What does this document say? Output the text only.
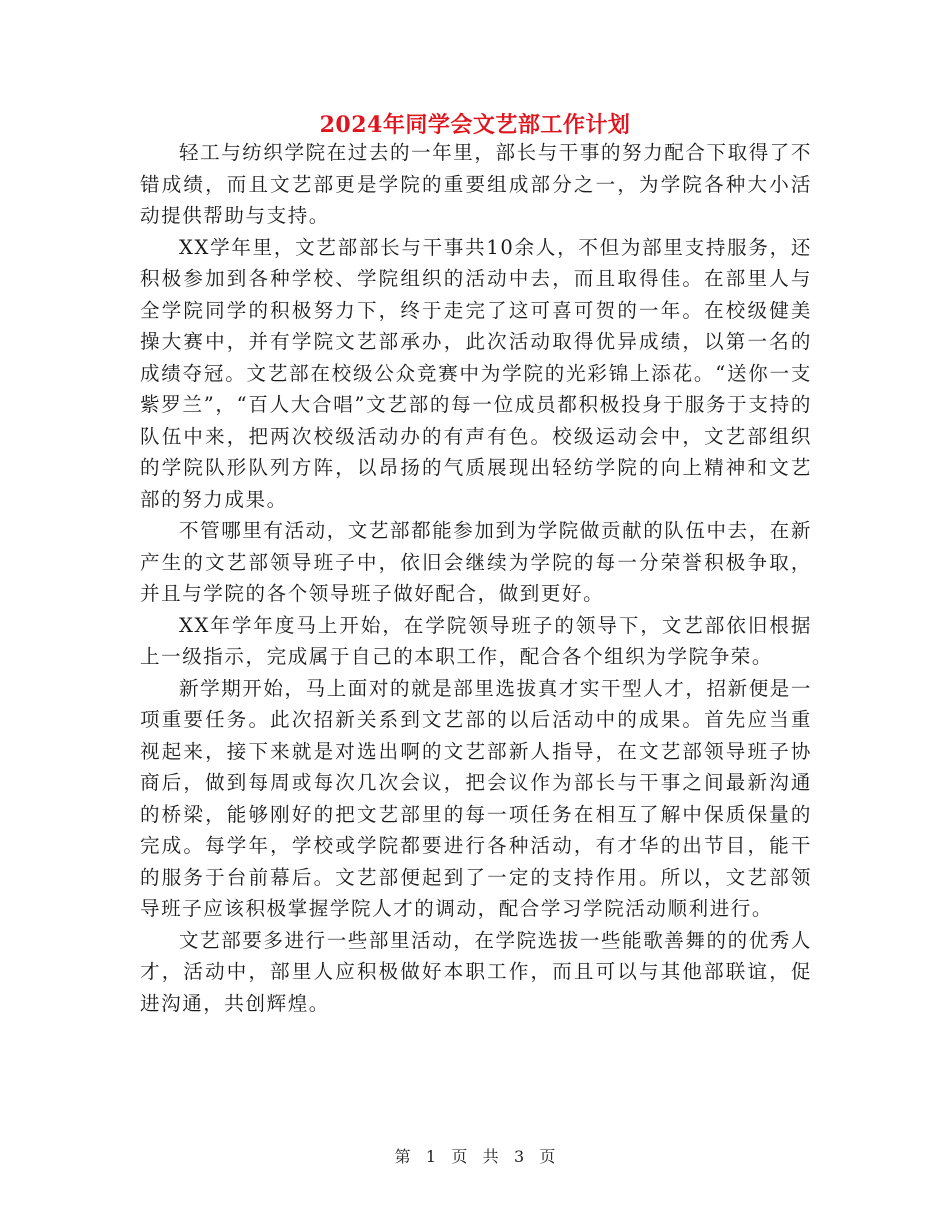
2024年同学会文艺部工作计划

轻工与纺织学院在过去的一年里，部长与干事的努力配合下取得了不错成绩，而且文艺部更是学院的重要组成部分之一，为学院各种大小活动提供帮助与支持。

XX学年里，文艺部部长与干事共10余人，不但为部里支持服务，还积极参加到各种学校、学院组织的活动中去，而且取得佳。在部里人与全学院同学的积极努力下，终于走完了这可喜可贺的一年。在校级健美操大赛中，并有学院文艺部承办，此次活动取得优异成绩，以第一名的成绩夺冠。文艺部在校级公众竞赛中为学院的光彩锦上添花。“送你一支紫罗兰”，“百人大合唱”文艺部的每一位成员都积极投身于服务于支持的队伍中来，把两次校级活动办的有声有色。校级运动会中，文艺部组织的学院队形队列方阵，以昂扬的气质展现出轻纺学院的向上精神和文艺部的努力成果。

不管哪里有活动，文艺部都能参加到为学院做贡献的队伍中去，在新产生的文艺部领导班子中，依旧会继续为学院的每一分荣誉积极争取，并且与学院的各个领导班子做好配合，做到更好。

XX年学年度马上开始，在学院领导班子的领导下，文艺部依旧根据上一级指示，完成属于自己的本职工作，配合各个组织为学院争荣。

新学期开始，马上面对的就是部里选拔真才实干型人才，招新便是一项重要任务。此次招新关系到文艺部的以后活动中的成果。首先应当重视起来，接下来就是对选出啊的文艺部新人指导，在文艺部领导班子协商后，做到每周或每次几次会议，把会议作为部长与干事之间最新沟通的桥梁，能够刚好的把文艺部里的每一项任务在相互了解中保质保量的完成。每学年，学校或学院都要进行各种活动，有才华的出节目，能干的服务于台前幕后。文艺部便起到了一定的支持作用。所以，文艺部领导班子应该积极掌握学院人才的调动，配合学习学院活动顺利进行。

文艺部要多进行一些部里活动，在学院选拔一些能歌善舞的的优秀人才，活动中，部里人应积极做好本职工作，而且可以与其他部联谊，促进沟通，共创辉煌。

第 1 页 共 3 页
